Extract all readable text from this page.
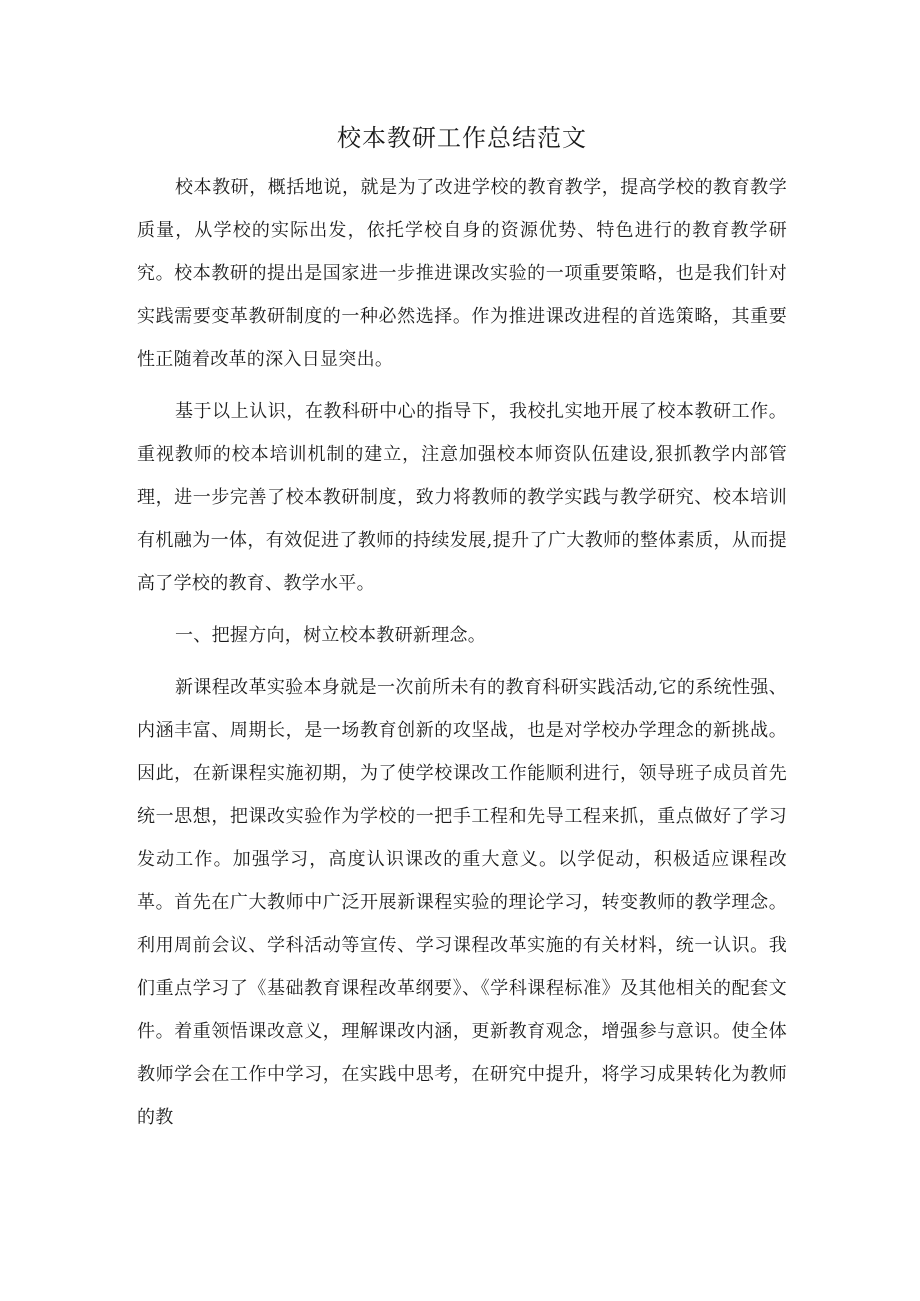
校本教研工作总结范文

校本教研，概括地说，就是为了改进学校的教育教学，提高学校的教育教学质量，从学校的实际出发，依托学校自身的资源优势、特色进行的教育教学研究。校本教研的提出是国家进一步推进课改实验的一项重要策略，也是我们针对实践需要变革教研制度的一种必然选择。作为推进课改进程的首选策略，其重要性正随着改革的深入日显突出。

基于以上认识，在教科研中心的指导下，我校扎实地开展了校本教研工作。重视教师的校本培训机制的建立，注意加强校本师资队伍建设,狠抓教学内部管理，进一步完善了校本教研制度，致力将教师的教学实践与教学研究、校本培训有机融为一体，有效促进了教师的持续发展,提升了广大教师的整体素质，从而提高了学校的教育、教学水平。

一、把握方向，树立校本教研新理念。

新课程改革实验本身就是一次前所未有的教育科研实践活动,它的系统性强、内涵丰富、周期长，是一场教育创新的攻坚战，也是对学校办学理念的新挑战。因此，在新课程实施初期，为了使学校课改工作能顺利进行，领导班子成员首先统一思想，把课改实验作为学校的一把手工程和先导工程来抓，重点做好了学习发动工作。加强学习，高度认识课改的重大意义。以学促动，积极适应课程改革。首先在广大教师中广泛开展新课程实验的理论学习，转变教师的教学理念。利用周前会议、学科活动等宣传、学习课程改革实施的有关材料，统一认识。我们重点学习了《基础教育课程改革纲要》、《学科课程标准》及其他相关的配套文件。着重领悟课改意义，理解课改内涵，更新教育观念，增强参与意识。使全体教师学会在工作中学习，在实践中思考，在研究中提升，将学习成果转化为教师的教
